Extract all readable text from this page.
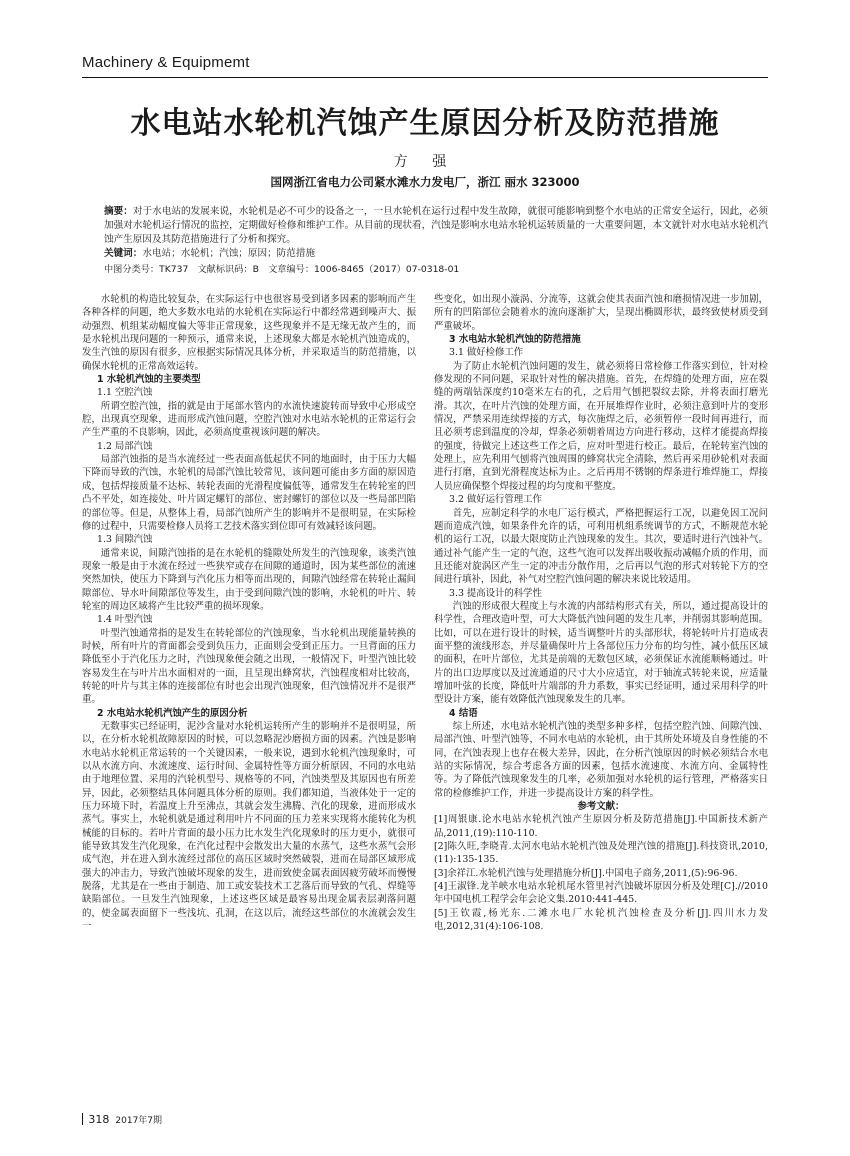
Machinery & Equipmemt
水电站水轮机汽蚀产生原因分析及防范措施
方 强
国网浙江省电力公司紧水滩水力发电厂，浙江 丽水 323000
摘要：对于水电站的发展来说，水轮机是必不可少的设备之一，一旦水轮机在运行过程中发生故障，就很可能影响到整个水电站的正常安全运行，因此，必须加强对水轮机运行情况的监控，定期做好检修和维护工作。从目前的现状看，汽蚀是影响水电站水轮机运转质量的一大重要问题，本文就针对水电站水轮机汽蚀产生原因及其防范措施进行了分析和探究。
关键词：水电站；水轮机；汽蚀；原因；防范措施
中图分类号：TK737　文献标识码：B　文章编号：1006-8465（2017）07-0318-01

水轮机的构造比较复杂，在实际运行中也很容易受到诸多因素的影响而产生各种各样的问题，绝大多数水电站的水轮机在实际运行中都经常遇到噪声大、振动强烈、机组某动幅度偏大等非正常现象，这些现象并不是无缘无故产生的，而是水轮机出现问题的一种预示，通常来说，上述现象大都是水轮机汽蚀造成的，发生汽蚀的原因有很多，应根据实际情况具体分析，并采取适当的防范措施，以确保水轮机的正常高效运转。

1 水轮机汽蚀的主要类型
1.1 空腔汽蚀

所谓空腔汽蚀，指的就是由于尾部水管内的水流快速旋转而导致中心形成空腔，出现真空现象，进而形成汽蚀问题，空腔汽蚀对水电站水轮机的正常运行会产生严重的不良影响，因此，必须高度重视该问题的解决。

1.2 局部汽蚀

局部汽蚀指的是当水流经过一些表面高低起伏不同的地面时，由于压力大幅下降而导致的汽蚀，水轮机的局部汽蚀比较常见，该问题可能由多方面的原因造成，包括焊接质量不达标、转轮表面的光滑程度偏低等，通常发生在转轮室的凹凸不平处，如连接处、叶片固定螺钉的部位、密封螺钉的部位以及一些局部凹陷的部位等。但是，从整体上看，局部汽蚀所产生的影响并不是很明显，在实际检修的过程中，只需要检修人员将工艺技术落实到位即可有效减轻该问题。

1.3 间隙汽蚀

通常来说，间隙汽蚀指的是在水轮机的缝隙处所发生的汽蚀现象，该类汽蚀现象一般是由于水流在经过一些狭窄或存在间隙的通道时，因为某些部位的流速突然加快，使压力下降到与汽化压力相等而出现的，间隙汽蚀经常在转轮止漏间隙部位、导水叶间隙部位等发生，由于受到间隙汽蚀的影响，水轮机的叶片、转轮室的周边区域将产生比较严重的损坏现象。

1.4 叶型汽蚀

叶型汽蚀通常指的是发生在转轮部位的汽蚀现象，当水轮机出现能量转换的时候，所有叶片的背面都会受到负压力，正面则会受到正压力。一旦背面的压力降低至小于汽化压力之时，汽蚀现象便会随之出现，一般情况下，叶型汽蚀比较容易发生在与叶片出水面相对的一面，且呈现出蜂窝状，汽蚀程度相对比较高，转轮的叶片与其主体的连接部位有时也会出现汽蚀现象，但汽蚀情况并不是很严重。

2 水电站水轮机汽蚀产生的原因分析

无数事实已经证明，泥沙含量对水轮机运转所产生的影响并不是很明显，所以，在分析水轮机故障原因的时候，可以忽略泥沙磨损方面的因素。汽蚀是影响水电站水轮机正常运转的一个关键因素，一般来说，遇到水轮机汽蚀现象时，可以从水流方向、水流速度、运行时间、金属特性等方面分析原因，不同的水电站由于地理位置、采用的汽轮机型号、规格等的不同，汽蚀类型及其原因也有所差异，因此，必须整结具体问题具体分析的原则。我们都知道，当液体处于一定的压力环境下时，若温度上升至沸点，其就会发生沸腾、汽化的现象，进而形成水蒸气。事实上，水轮机就是通过利用叶片不同面的压力差来实现将水能转化为机械能的目标的。若叶片背面的最小压力比水发生汽化现象时的压力更小，就很可能导致其发生汽化现象，在汽化过程中会散发出大量的水蒸气，这些水蒸气会形成气泡，并在进入到水流经过部位的高压区域时突然破裂，进而在局部区域形成强大的冲击力，导致汽蚀破坏现象的发生，进而致使金属表面因疲劳破坏而慢慢脱落，尤其是在一些由于制造、加工或安装技术工艺落后而导致的气孔、焊缝等缺陷部位。一旦发生汽蚀现象，上述这些区域是最容易出现金属表层剥落问题的，使金属表面留下一些浅坑、孔洞，在这以后，流经这些部位的水流就会发生一

些变化，如出现小漩涡、分流等，这就会使其表面汽蚀和磨损情况进一步加剧，所有的凹陷部位会随着水的流向逐渐扩大，呈现出椭圆形状，最终致使材质受到严重破坏。

3 水电站水轮机汽蚀的防范措施
3.1 做好检修工作

为了防止水轮机汽蚀问题的发生，就必须将日常检修工作落实到位，针对检修发现的不同问题，采取针对性的解决措施。首先，在焊缝的处理方面，应在裂缝的两端钻深度约10毫米左右的孔，之后用气刨把裂纹去除，并将表面打磨光滑。其次，在叶片汽蚀的处理方面，在开展堆焊作业时，必须注意到叶片的变形情况，严禁采用连续焊接的方式，每次施焊之后，必须暂停一段时间再进行，而且必须考虑到温度的冷却，焊条必须朝着周边方向进行移动，这样才能提高焊接的强度，待做完上述这些工作之后，应对叶型进行校正。最后，在轮转室汽蚀的处理上，应先利用气刨将汽蚀周围的蜂窝状完全清除，然后再采用砂轮机对表面进行打磨，直到光滑程度达标为止。之后再用不锈钢的焊条进行堆焊施工，焊接人员应确保整个焊接过程的均匀度和平整度。

3.2 做好运行管理工作

首先，应制定科学的水电厂运行模式，严格把握运行工况，以避免因工况问题而造成汽蚀，如果条件允许的话，可利用机组系统调节的方式，不断规范水轮机的运行工况，以最大限度防止汽蚀现象的发生。其次，要适时进行汽蚀补气。通过补气能产生一定的气泡，这些气泡可以发挥出吸收振动减幅介质的作用，而且还能对旋涡区产生一定的冲击分散作用，之后再以气泡的形式对转轮下方的空间进行填补，因此，补气对空腔汽蚀问题的解决来说比较适用。

3.3 提高设计的科学性

汽蚀的形成很大程度上与水流的内部结构形式有关，所以，通过提高设计的科学性，合理改造叶型，可大大降低汽蚀问题的发生几率，并削弱其影响范围。比如，可以在进行设计的时候，适当调整叶片的头部形状，将轮转叶片打造成表面平整的流线形态，并尽量确保叶片上各部位压力分布的均匀性，减小低压区域的面积，在叶片部位，尤其是前端的无数包区域，必须保证水流能顺畅通过。叶片的出口边厚度以及过流通道的尺寸大小应适宜，对于轴流式转轮来说，应适量增加叶弦的长度，降低叶片端部的升力系数，事实已经证明，通过采用科学的叶型设计方案，能有效降低汽蚀现象发生的几率。

4 结语

综上所述，水电站水轮机汽蚀的类型多种多样，包括空腔汽蚀、间隙汽蚀、局部汽蚀、叶型汽蚀等，不同水电站的水轮机，由于其所处环境及自身性能的不同，在汽蚀表现上也存在极大差异，因此，在分析汽蚀原因的时候必须结合水电站的实际情况，综合考虑各方面的因素，包括水流速度、水流方向、金属特性等。为了降低汽蚀现象发生的几率，必须加强对水轮机的运行管理，严格落实日常的检修维护工作，并进一步提高设计方案的科学性。

参考文献：

[1]周银康.论水电站水轮机汽蚀产生原因分析及防范措施[J].中国新技术新产品,2011,(19):110-110.

[2]陈久旺,李晓青.太河水电站水轮机汽蚀及处理汽蚀的措施[J].科技资讯,2010,(11):135-135.

[3]余祥江.水轮机汽蚀与处理措施分析[J].中国电子商务,2011,(5):96-96.

[4]王淑锋.龙羊峡水电站水轮机尾水管里衬汽蚀破坏原因分析及处理[C].//2010年中国电机工程学会年会论文集.2010:441-445.

[5]王钦霞,杨光东.二滩水电厂水轮机汽蚀检查及分析[J].四川水力发电,2012,31(4):106-108.

318 2017年7期
